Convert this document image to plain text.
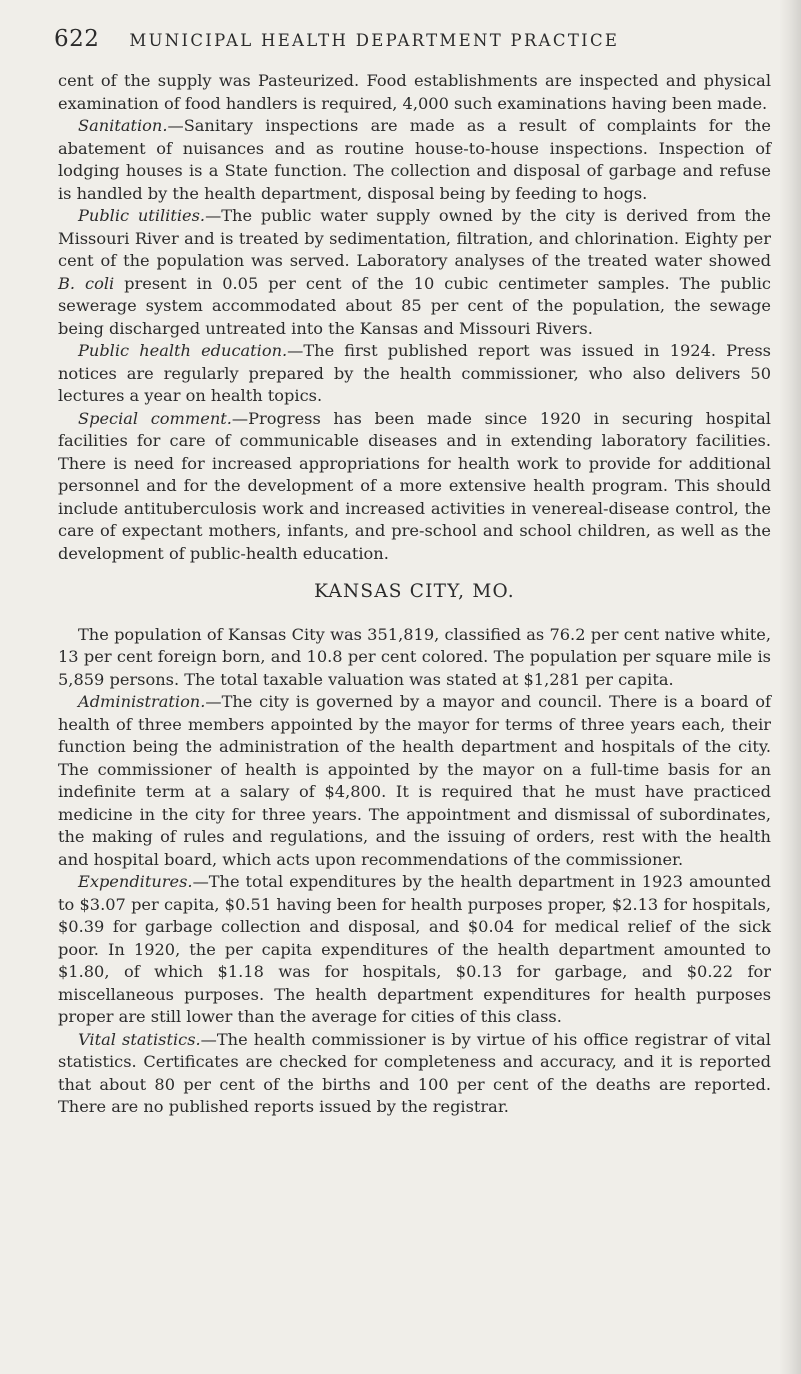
622 MUNICIPAL HEALTH DEPARTMENT PRACTICE

cent of the supply was Pasteurized. Food establishments are inspected and physical examination of food handlers is required, 4,000 such examinations having been made.

Sanitation.—Sanitary inspections are made as a result of complaints for the abatement of nuisances and as routine house-to-house inspections. Inspection of lodging houses is a State function. The collection and disposal of garbage and refuse is handled by the health department, disposal being by feeding to hogs.

Public utilities.—The public water supply owned by the city is derived from the Missouri River and is treated by sedimentation, filtration, and chlorination. Eighty per cent of the population was served. Laboratory analyses of the treated water showed B. coli present in 0.05 per cent of the 10 cubic centimeter samples. The public sewerage system accommodated about 85 per cent of the population, the sewage being discharged untreated into the Kansas and Missouri Rivers.

Public health education.—The first published report was issued in 1924. Press notices are regularly prepared by the health commissioner, who also delivers 50 lectures a year on health topics.

Special comment.—Progress has been made since 1920 in securing hospital facilities for care of communicable diseases and in extending laboratory facilities. There is need for increased appropriations for health work to provide for additional personnel and for the development of a more extensive health program. This should include antituberculosis work and increased activities in venereal-disease control, the care of expectant mothers, infants, and pre-school and school children, as well as the development of public-health education.

KANSAS CITY, MO.

The population of Kansas City was 351,819, classified as 76.2 per cent native white, 13 per cent foreign born, and 10.8 per cent colored. The population per square mile is 5,859 persons. The total taxable valuation was stated at $1,281 per capita.

Administration.—The city is governed by a mayor and council. There is a board of health of three members appointed by the mayor for terms of three years each, their function being the administration of the health department and hospitals of the city. The commissioner of health is appointed by the mayor on a full-time basis for an indefinite term at a salary of $4,800. It is required that he must have practiced medicine in the city for three years. The appointment and dismissal of subordinates, the making of rules and regulations, and the issuing of orders, rest with the health and hospital board, which acts upon recommendations of the commissioner.

Expenditures.—The total expenditures by the health department in 1923 amounted to $3.07 per capita, $0.51 having been for health purposes proper, $2.13 for hospitals, $0.39 for garbage collection and disposal, and $0.04 for medical relief of the sick poor. In 1920, the per capita expenditures of the health department amounted to $1.80, of which $1.18 was for hospitals, $0.13 for garbage, and $0.22 for miscellaneous purposes. The health department expenditures for health purposes proper are still lower than the average for cities of this class.

Vital statistics.—The health commissioner is by virtue of his office registrar of vital statistics. Certificates are checked for completeness and accuracy, and it is reported that about 80 per cent of the births and 100 per cent of the deaths are reported. There are no published reports issued by the registrar.
